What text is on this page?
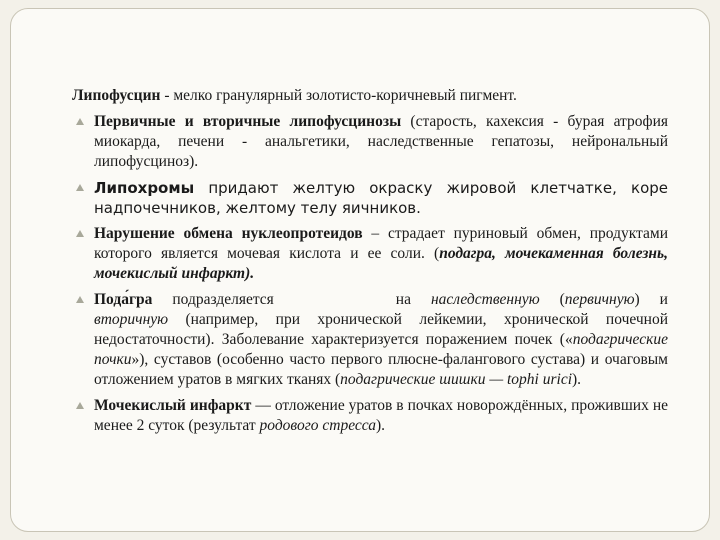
Липофусцин - мелко гранулярный золотисто-коричневый пигмент.

Первичные и вторичные липофусцинозы (старость, кахексия - бурая атрофия миокарда, печени - анальгетики, наследственные гепатозы, нейрональный липофусциноз).
Липохромы придают желтую окраску жировой клетчатке, коре надпочечников, желтому телу яичников.
Нарушение обмена нуклеопротеидов – страдает пуриновый обмен, продуктами которого является мочевая кислота и ее соли. (подагра, мочекаменная болезнь, мочекислый инфаркт).
Пода́гра подразделяется	на наследственную (первичную) и вторичную (например, при хронической лейкемии, хронической почечной недостаточности). Заболевание характеризуется поражением почек («подагрические почки»), суставов (особенно часто первого плюсне-фалангового сустава) и очаговым отложением уратов в мягких тканях (подагрические шишки — tophi urici).
Мочекислый инфаркт — отложение уратов в почках новорождённых, проживших не менее 2 суток (результат родового стресса).
